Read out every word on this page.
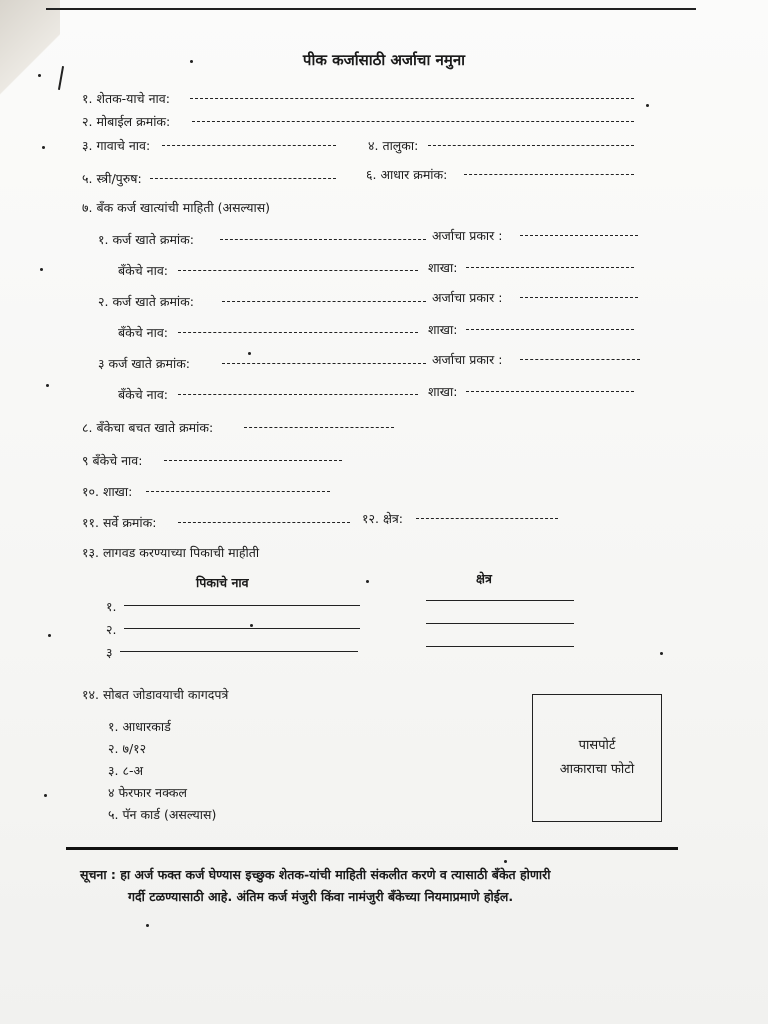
पीक कर्जासाठी अर्जाचा नमुना
१. शेतक-याचे नाव:
२. मोबाईल क्रमांक:
३. गावाचे नाव:	४. तालुका:
५. स्त्री/पुरुष:	६. आधार क्रमांक:
७. बँक कर्ज खात्यांची माहिती (असल्यास)
१. कर्ज खाते क्रमांक:	अर्जाचा प्रकार :
बँकेचे नाव:	शाखा:
२. कर्ज खाते क्रमांक:	अर्जाचा प्रकार :
बँकेचे नाव:	शाखा:
३ कर्ज खाते क्रमांक:	अर्जाचा प्रकार :
बँकेचे नाव:	शाखा:
८. बँकेचा बचत खाते क्रमांक:
९ बँकेचे नाव:
१०. शाखा:
११. सर्वे क्रमांक:	१२. क्षेत्र:
१३. लागवड करण्याच्या पिकाची माहीती
पिकाचे नाव	क्षेत्र
१.
२.
३
१४. सोबत जोडावयाची कागदपत्रे
१. आधारकार्ड
२. ७/१२
३. ८-अ
४ फेरफार नक्कल
५. पॅन कार्ड (असल्यास)
पासपोर्ट
आकाराचा फोटो
सूचना : हा अर्ज फक्त कर्ज घेण्यास इच्छुक शेतक-यांची माहिती संकलीत करणे व त्यासाठी बँकेत होणारी
गर्दी टळण्यासाठी आहे. अंतिम कर्ज मंजुरी किंवा नामंजुरी बँकेच्या नियमाप्रमाणे होईल.
